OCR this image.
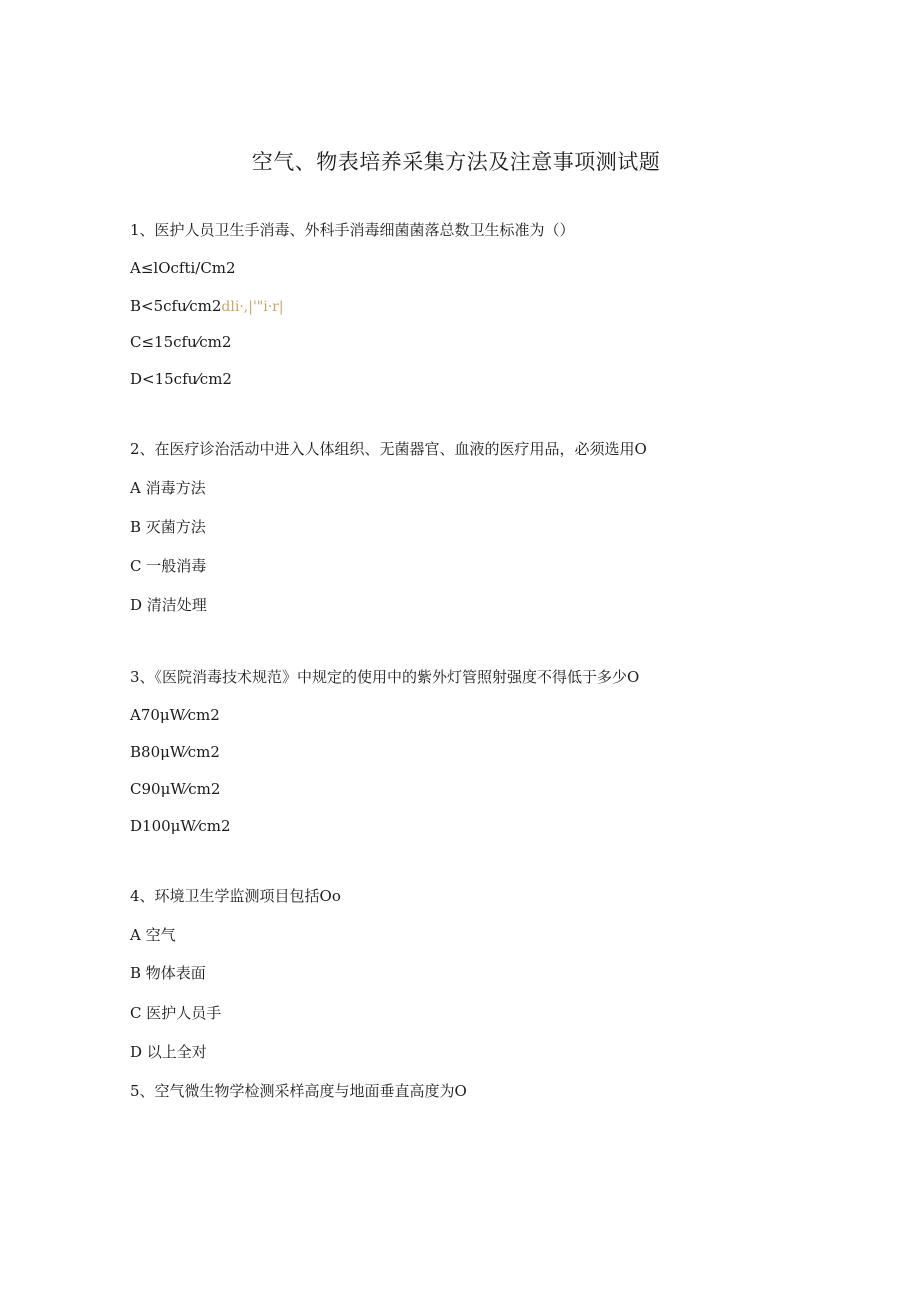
空气、物表培养采集方法及注意事项测试题
1、医护人员卫生手消毒、外科手消毒细菌菌落总数卫生标准为（）
A≤lOcfti/Cm2
B<5cfu⁄cm2dli·,|'"i·r|
C≤15cfu⁄cm2
D<15cfu⁄cm2
2、在医疗诊治活动中进入人体组织、无菌器官、血液的医疗用品，必须选用O
A 消毒方法
B 灭菌方法
C 一般消毒
D 清洁处理
3、《医院消毒技术规范》中规定的使用中的紫外灯管照射强度不得低于多少O
A70μW⁄cm2
B80μW⁄cm2
C90μW⁄cm2
D100μW⁄cm2
4、环境卫生学监测项目包括Oo
A 空气
B 物体表面
C 医护人员手
D 以上全对
5、空气微生物学检测采样高度与地面垂直高度为O
